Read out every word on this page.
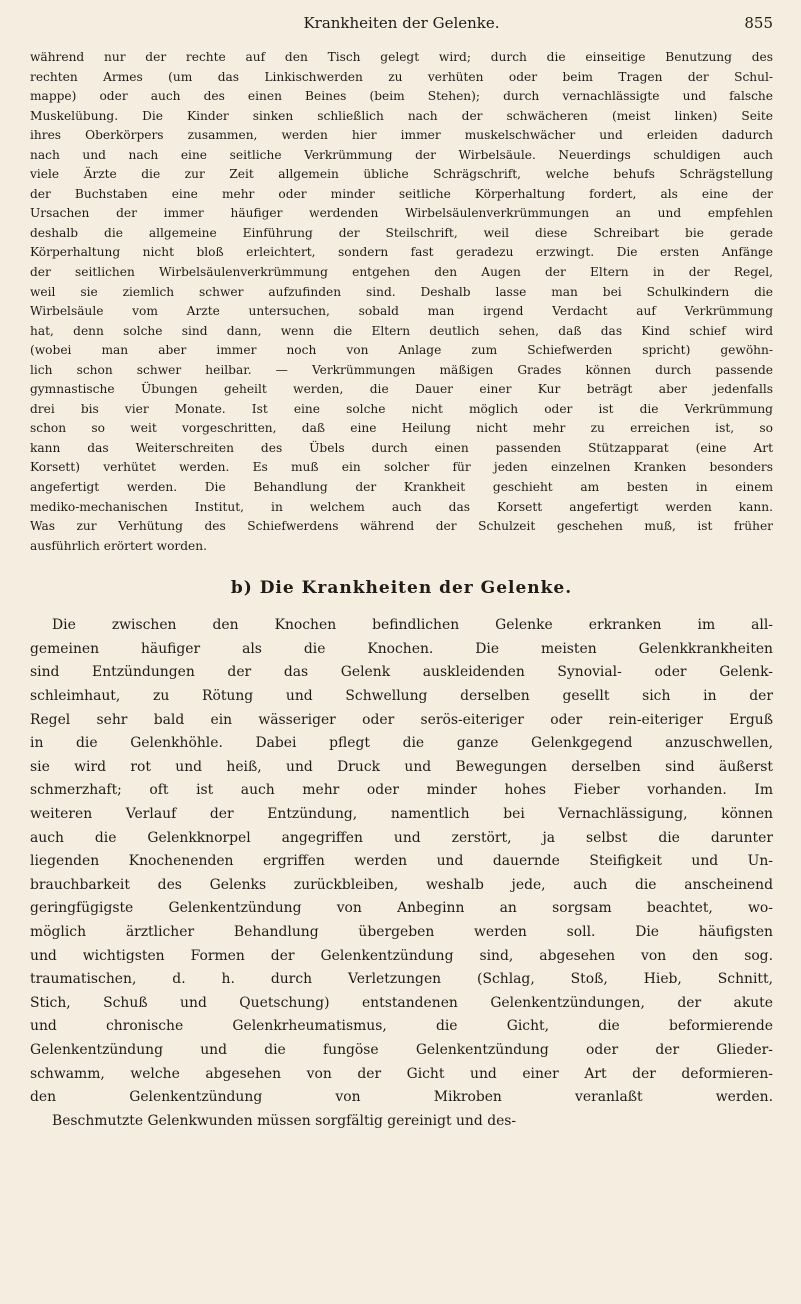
Krankheiten der Gelenke.	855
während nur der rechte auf den Tisch gelegt wird; durch die einseitige Benutzung des
rechten Armes (um das Linkischwerden zu verhüten oder beim Tragen der Schul-
mappe) oder auch des einen Beines (beim Stehen); durch vernachlässigte und falsche
Muskelübung. Die Kinder sinken schließlich nach der schwächeren (meist linken) Seite
ihres Oberkörpers zusammen, werden hier immer muskelschwächer und erleiden dadurch
nach und nach eine seitliche Verkrümmung der Wirbelsäule. Neuerdings schuldigen auch
viele Ärzte die zur Zeit allgemein übliche Schrägschrift, welche behufs Schrägstellung
der Buchstaben eine mehr oder minder seitliche Körperhaltung fordert, als eine der
Ursachen der immer häufiger werdenden Wirbelsäulenverkrümmungen an und empfehlen
deshalb die allgemeine Einführung der Steilschrift, weil diese Schreibart bie gerade
Körperhaltung nicht bloß erleichtert, sondern fast geradezu erzwingt. Die ersten Anfänge
der seitlichen Wirbelsäulenverkrümmung entgehen den Augen der Eltern in der Regel,
weil sie ziemlich schwer aufzufinden sind. Deshalb lasse man bei Schulkindern die
Wirbelsäule vom Arzte untersuchen, sobald man irgend Verdacht auf Verkrümmung
hat, denn solche sind dann, wenn die Eltern deutlich sehen, daß das Kind schief wird
(wobei man aber immer noch von Anlage zum Schiefwerden spricht) gewöhn-
lich schon schwer heilbar. — Verkrümmungen mäßigen Grades können durch passende
gymnastische Übungen geheilt werden, die Dauer einer Kur beträgt aber jedenfalls
drei bis vier Monate. Ist eine solche nicht möglich oder ist die Verkrümmung
schon so weit vorgeschritten, daß eine Heilung nicht mehr zu erreichen ist, so
kann das Weiterschreiten des Übels durch einen passenden Stützapparat (eine Art
Korsett) verhütet werden. Es muß ein solcher für jeden einzelnen Kranken besonders
angefertigt werden. Die Behandlung der Krankheit geschieht am besten in einem
mediko-mechanischen Institut, in welchem auch das Korsett angefertigt werden kann.
Was zur Verhütung des Schiefwerdens während der Schulzeit geschehen muß, ist früher
ausführlich erörtert worden.
b) Die Krankheiten der Gelenke.
Die zwischen den Knochen befindlichen Gelenke erkranken im all-
gemeinen häufiger als die Knochen. Die meisten Gelenkkrankheiten
sind Entzündungen der das Gelenk auskleidenden Synovial- oder Gelenk-
schleimhaut, zu Rötung und Schwellung derselben gesellt sich in der
Regel sehr bald ein wässeriger oder serös-eiteriger oder rein-eiteriger Erguß
in die Gelenkhöhle. Dabei pflegt die ganze Gelenkgegend anzuschwellen,
sie wird rot und heiß, und Druck und Bewegungen derselben sind äußerst
schmerzhaft; oft ist auch mehr oder minder hohes Fieber vorhanden. Im
weiteren Verlauf der Entzündung, namentlich bei Vernachlässigung, können
auch die Gelenkknorpel angegriffen und zerstört, ja selbst die darunter
liegenden Knochenenden ergriffen werden und dauernde Steifigkeit und Un-
brauchbarkeit des Gelenks zurückbleiben, weshalb jede, auch die anscheinend
geringfügigste Gelenkentzündung von Anbeginn an sorgsam beachtet, wo-
möglich ärztlicher Behandlung übergeben werden soll. Die häufigsten
und wichtigsten Formen der Gelenkentzündung sind, abgesehen von den sog.
traumatischen, d. h. durch Verletzungen (Schlag, Stoß, Hieb, Schnitt,
Stich, Schuß und Quetschung) entstandenen Gelenkentzündungen, der akute
und chronische Gelenkrheumatismus, die Gicht, die beformierende
Gelenkentzündung und die fungöse Gelenkentzündung oder der Glieder-
schwamm, welche abgesehen von der Gicht und einer Art der deformieren-
den Gelenkentzündung von Mikroben veranlaßt werden.
Beschmutzte Gelenkwunden müssen sorgfältig gereinigt und des-
